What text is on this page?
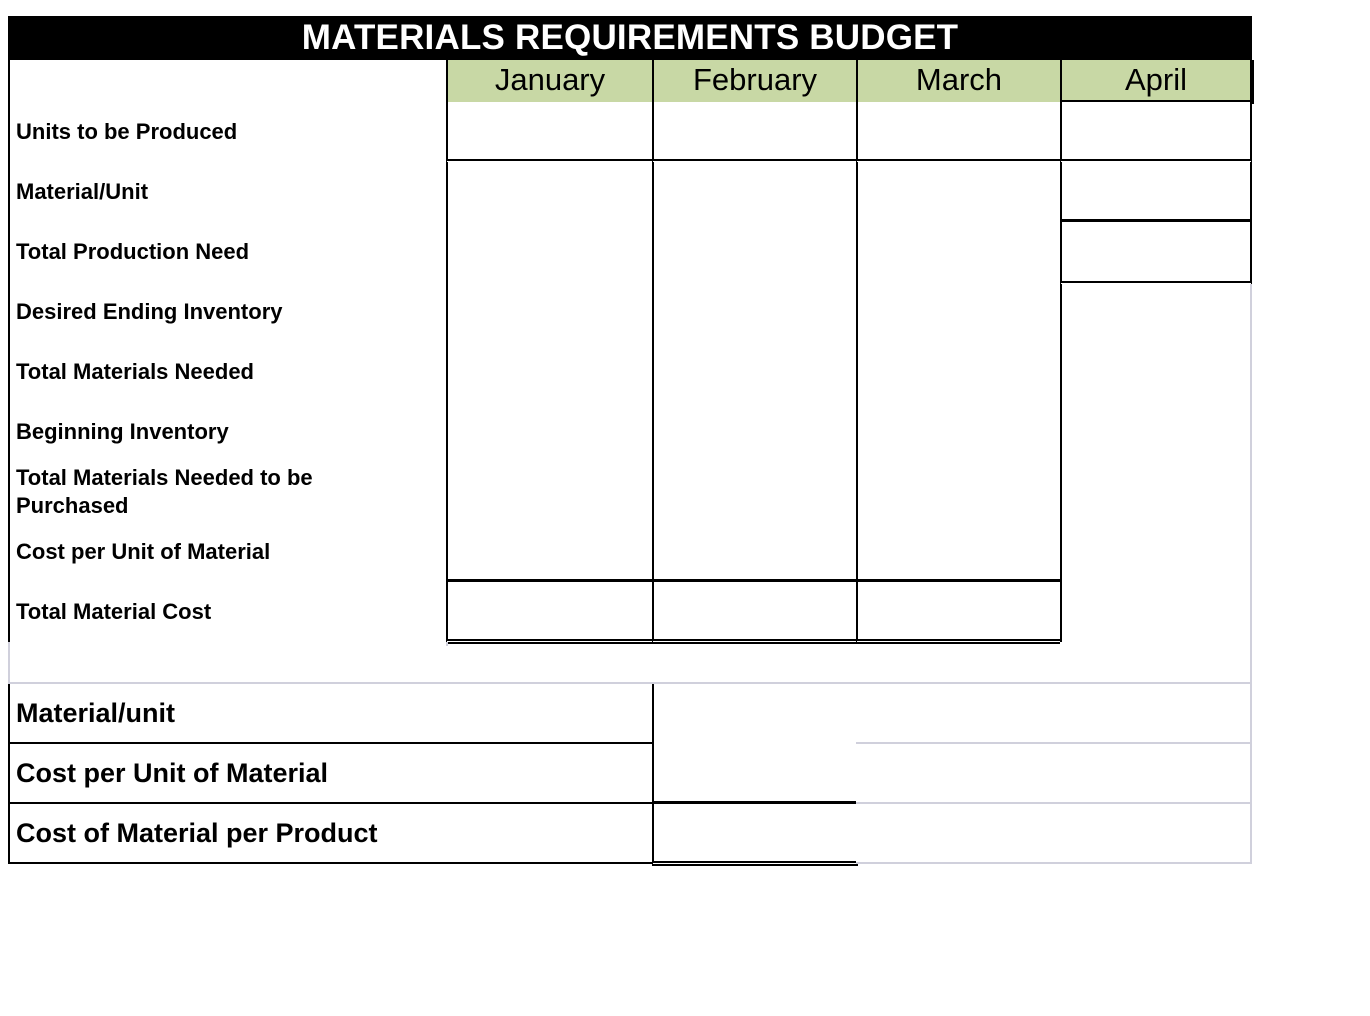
MATERIALS REQUIREMENTS BUDGET
January	February	March	April
Units to be Produced
Material/Unit
Total Production Need
Desired Ending Inventory
Total Materials Needed
Beginning Inventory
Total Materials Needed to be Purchased
Cost per Unit of Material
Total Material Cost
Material/unit
Cost per Unit of Material
Cost of Material per Product
